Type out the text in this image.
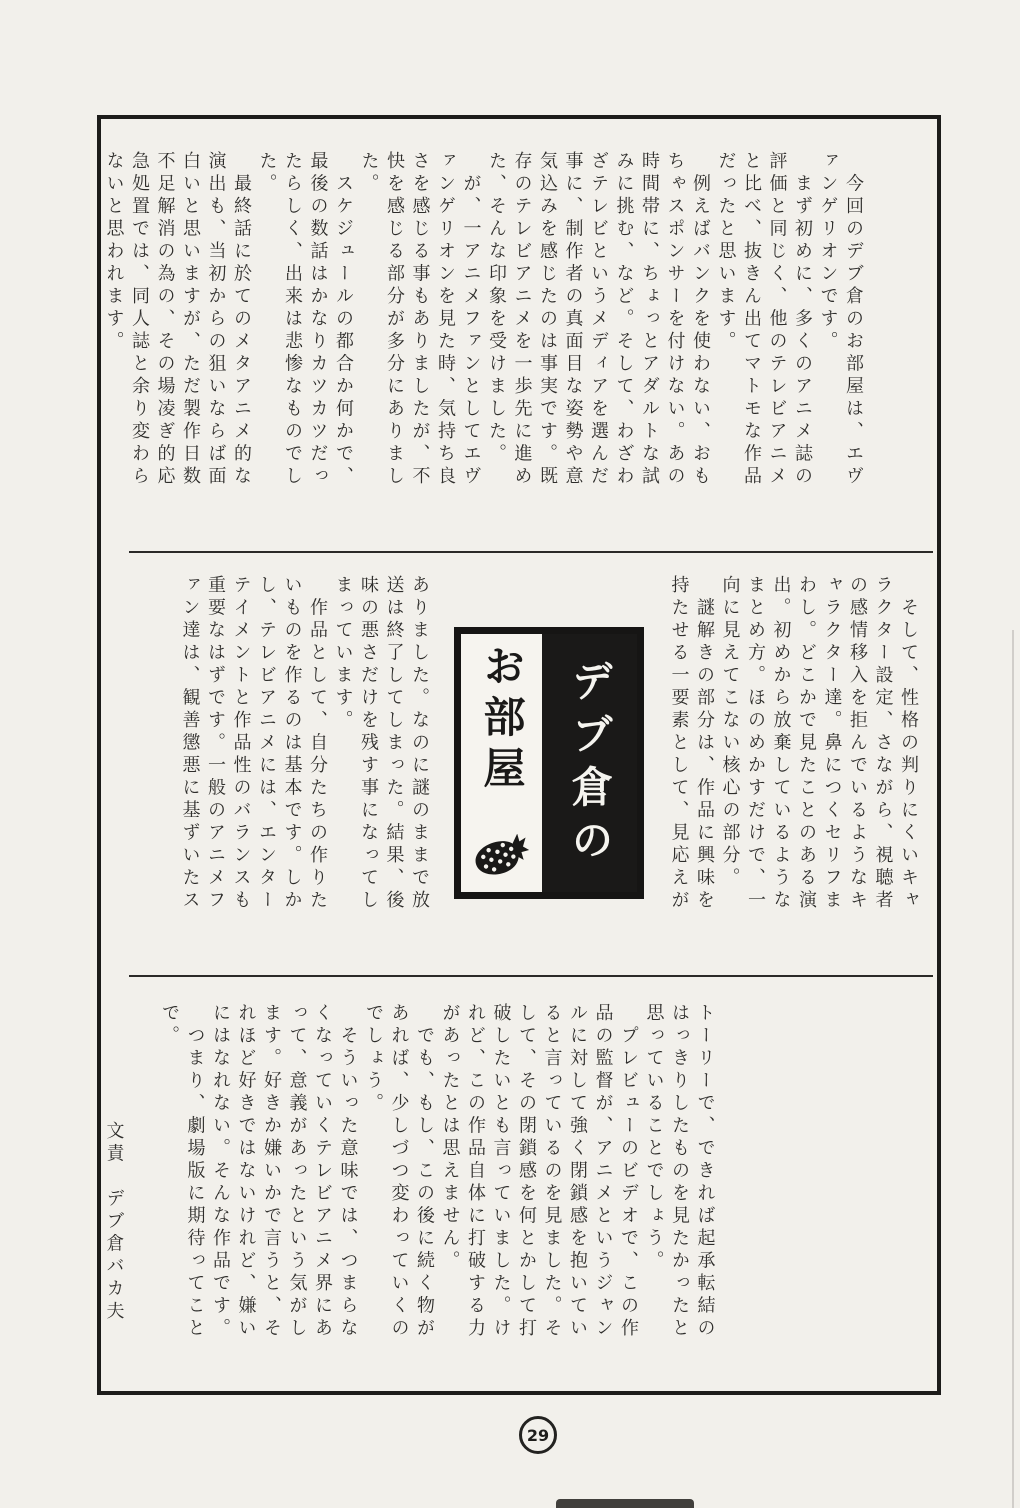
　今回のデブ倉のお部屋は、エヴ
ァンゲリオンです。
　まず初めに、多くのアニメ誌の
評価と同じく、他のテレビアニメ
と比べ、抜きん出てマトモな作品
だったと思います。
　例えばバンクを使わない、おも
ちゃスポンサーを付けない。あの
時間帯に、ちょっとアダルトな試
みに挑む、など。そして、わざわ
ざテレビというメディアを選んだ
事に、制作者の真面目な姿勢や意
気込みを感じたのは事実です。既
存のテレビアニメを一歩先に進め
た、そんな印象を受けました。
　が、一アニメファンとしてエヴ
ァンゲリオンを見た時、気持ち良
さを感じる事もありましたが、不
快を感じる部分が多分にありまし
た。
　スケジュールの都合か何かで、
最後の数話はかなりカツカツだっ
たらしく、出来は悲惨なものでし
た。
　最終話に於てのメタアニメ的な
演出も、当初からの狙いならば面
白いと思いますが、ただ製作日数
不足解消の為の、その場凌ぎ的応
急処置では、同人誌と余り変わら
ないと思われます。
　そして、性格の判りにくいキャ
ラクター設定、さながら、視聴者
の感情移入を拒んでいるようなキ
ャラクター達。鼻につくセリフま
わし。どこかで見たことのある演
出。初めから放棄しているような
まとめ方。ほのめかすだけで、一
向に見えてこない核心の部分。
　謎解きの部分は、作品に興味を
持たせる一要素として、見応えが
デブ倉の
お部屋
ありました。なのに謎のままで放
送は終了してしまった。結果、後
味の悪さだけを残す事になってし
まっています。
　作品として、自分たちの作りた
いものを作るのは基本です。しか
し、テレビアニメには、エンター
テイメントと作品性のバランスも
重要なはずです。一般のアニメフ
ァン達は、観善懲悪に基ずいたス
トーリーで、できれば起承転結の
はっきりしたものを見たかったと
思っていることでしょう。
　プレビューのビデオで、この作
品の監督が、アニメというジャン
ルに対して強く閉鎖感を抱いてい
ると言っているのを見ました。そ
して、その閉鎖感を何とかして打
破したいとも言っていました。け
れど、この作品自体に打破する力
があったとは思えません。
　でも、もし、この後に続く物が
あれば、少しづつ変わっていくの
でしょう。
　そういった意味では、つまらな
くなっていくテレビアニメ界にあ
って、意義があったという気がし
ます。好きか嫌いかで言うと、そ
れほど好きではないけれど、嫌い
にはなれない。そんな作品です。
　つまり、劇場版に期待ってこと
で。
文責　デブ倉バカ夫
29
